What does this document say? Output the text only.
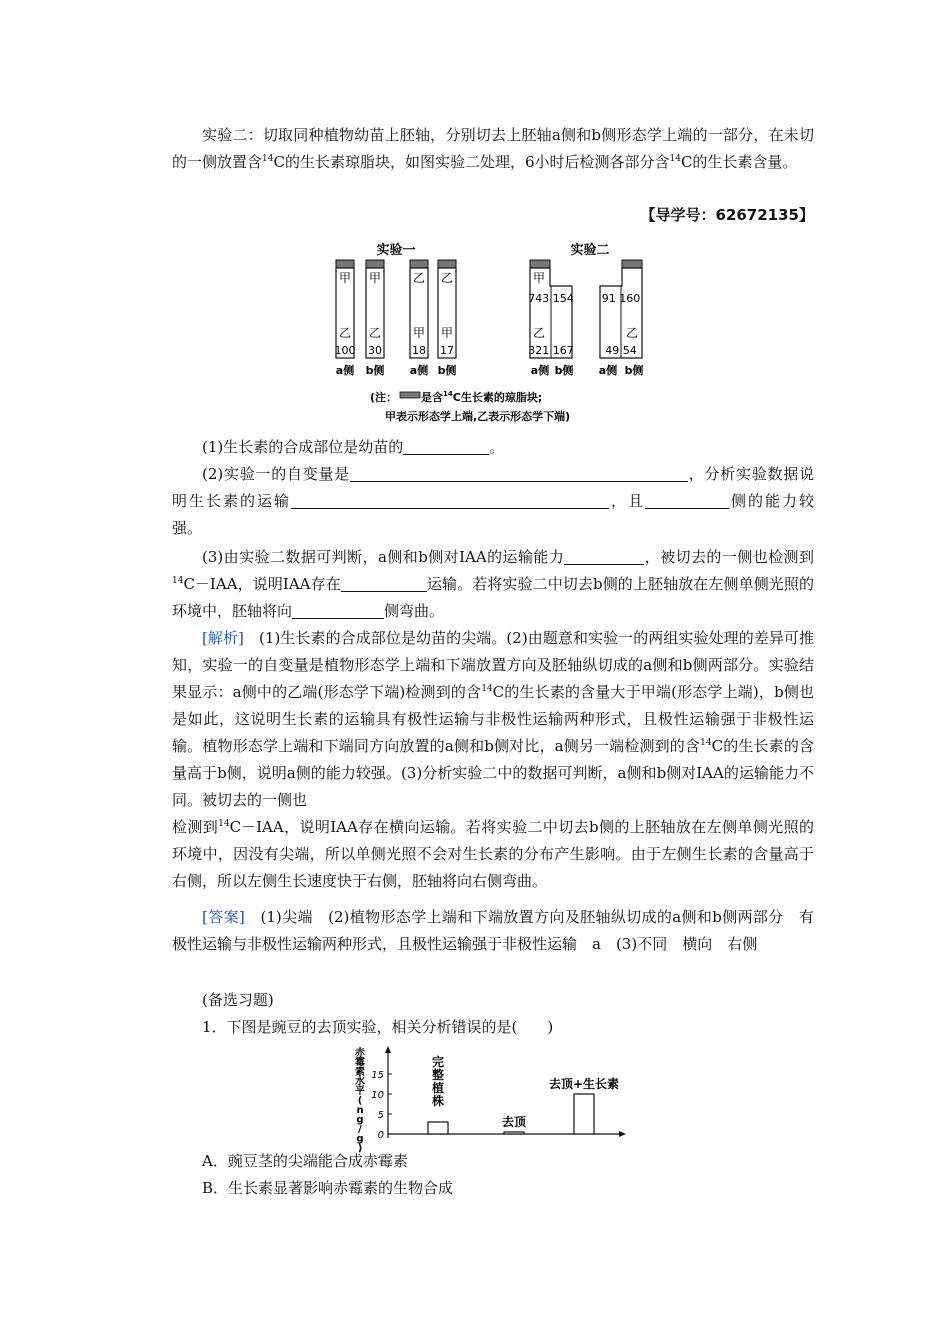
实验二：切取同种植物幼苗上胚轴，分别切去上胚轴a侧和b侧形态学上端的一部分，在未切的一侧放置含$^{14}$C的生长素琼脂块，如图实验二处理，6小时后检测各部分含$^{14}$C的生长素含量。
【导学号：62672135】
实验一	实验二
甲
乙
100
甲
乙
30
乙
甲
18
乙
甲
17
a侧 b侧 a侧 b侧
甲
743 154
乙
321 167
91 160
乙
49 54
a侧 b侧 a侧 b侧
(注： 是含$^{14}$C生长素的琼脂块;
甲表示形态学上端,乙表示形态学下端)
(1)生长素的合成部位是幼苗的	。
(2)实验一的自变量是	，分析实验数据说明生长素的运输	，且	侧的能力较强。
(3)由实验二数据可判断，a侧和b侧对IAA的运输能力	，被切去的一侧也检测到$^{14}$C－IAA，说明IAA存在	运输。若将实验二中切去b侧的上胚轴放在左侧单侧光照的环境中，胚轴将向	侧弯曲。
[解析]　(1)生长素的合成部位是幼苗的尖端。(2)由题意和实验一的两组实验处理的差异可推知，实验一的自变量是植物形态学上端和下端放置方向及胚轴纵切成的a侧和b侧两部分。实验结果显示：a侧中的乙端(形态学下端)检测到的含$^{14}$C的生长素的含量大于甲端(形态学上端)，b侧也是如此，这说明生长素的运输具有极性运输与非极性运输两种形式，且极性运输强于非极性运输。植物形态学上端和下端同方向放置的a侧和b侧对比，a侧另一端检测到的含$^{14}$C的生长素的含量高于b侧，说明a侧的能力较强。(3)分析实验二中的数据可判断，a侧和b侧对IAA的运输能力不同。被切去的一侧也
检测到$^{14}$C－IAA，说明IAA存在横向运输。若将实验二中切去b侧的上胚轴放在左侧单侧光照的环境中，因没有尖端，所以单侧光照不会对生长素的分布产生影响。由于左侧生长素的含量高于右侧，所以左侧生长速度快于右侧，胚轴将向右侧弯曲。
[答案]　(1)尖端　(2)植物形态学上端和下端放置方向及胚轴纵切成的a侧和b侧两部分　有极性运输与非极性运输两种形式，且极性运输强于非极性运输　a　(3)不同　横向　右侧
(备选习题)
1．下图是豌豆的去顶实验，相关分析错误的是(　　)
赤
霉
素
水
平
(
n
g
/
g
)
0
5
10
15
完
整
植
株
去顶
去顶+生长素
A．豌豆茎的尖端能合成赤霉素
B．生长素显著影响赤霉素的生物合成
